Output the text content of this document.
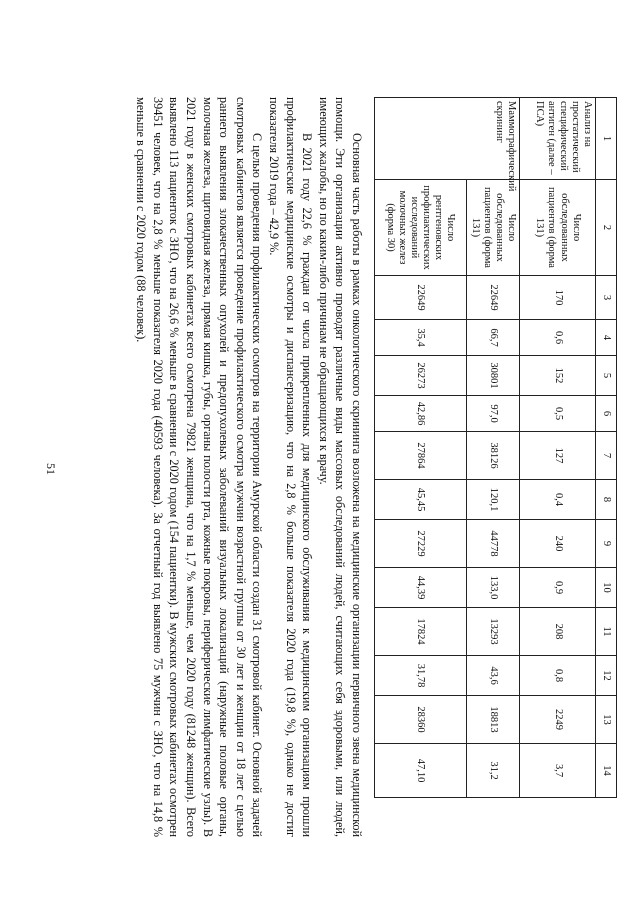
51
1	2	3	4	5	6	7	8	9	10	11	12	13	14
Анализ на простатический специфический антиген (далее – ПСА)	Число обследованных пациентов (форма 131)	170	0,6	152	0,5	127	0,4	240	0,9	208	0,8	2249	3,7
Маммографический скрининг	Число обследованных пациентов (форма 131)	22649	66,7	30801	97,0	38126	120,1	44778	133,0	13293	43,6	18813	31,2
	Число рентгеновских профилактических исследований молочных желез (форма 30)	22649	35,4	26273	42,86	27864	45,45	27229	44,39	17824	31,78	28360	47,10

Основная часть работы в рамках онкологического скрининга возложена на медицинские организации первичного звена медицинской помощи. Эти организации активно проводят различные виды массовых обследований людей, считающих себя здоровыми, или людей, имеющих жалобы, но по каким-либо причинам не обращающихся к врачу.

В 2021 году 22,6 % граждан от числа прикрепленных для медицинского обслуживания к медицинским организациям прошли профилактические медицинские осмотры и диспансеризацию, что на 2,8 % больше показателя 2020 года (19,8 %), однако не достиг показателя 2019 года – 42,9 %.

С целью проведения профилактических осмотров на территории Амурской области создан 31 смотровой кабинет. Основной задачей смотровых кабинетов является проведение профилактического осмотра мужчин возрастной группы от 30 лет и женщин от 18 лет с целью раннего выявления злокачественных опухолей и предопухолевых заболеваний визуальных локализаций (наружные половые органы, молочная железа, щитовидная железа, прямая кишка, губы, органы полости рта, кожные покровы, периферические лимфатические узлы). В 2021 году в женских смотровых кабинетах всего осмотрена 79821 женщина, что на 1,7 % меньше, чем 2020 году (81248 женщин). Всего выявлено 113 пациенток с ЗНО, что на 26,6 % меньше в сравнении с 2020 годом (154 пациентки). В мужских смотровых кабинетах осмотрен 39451 человек, что на 2,8 % меньше показателя 2020 года (40593 человека). За отчетный год выявлено 75 мужчин с ЗНО, что на 14,8 % меньше в сравнении с 2020 годом (88 человек).
